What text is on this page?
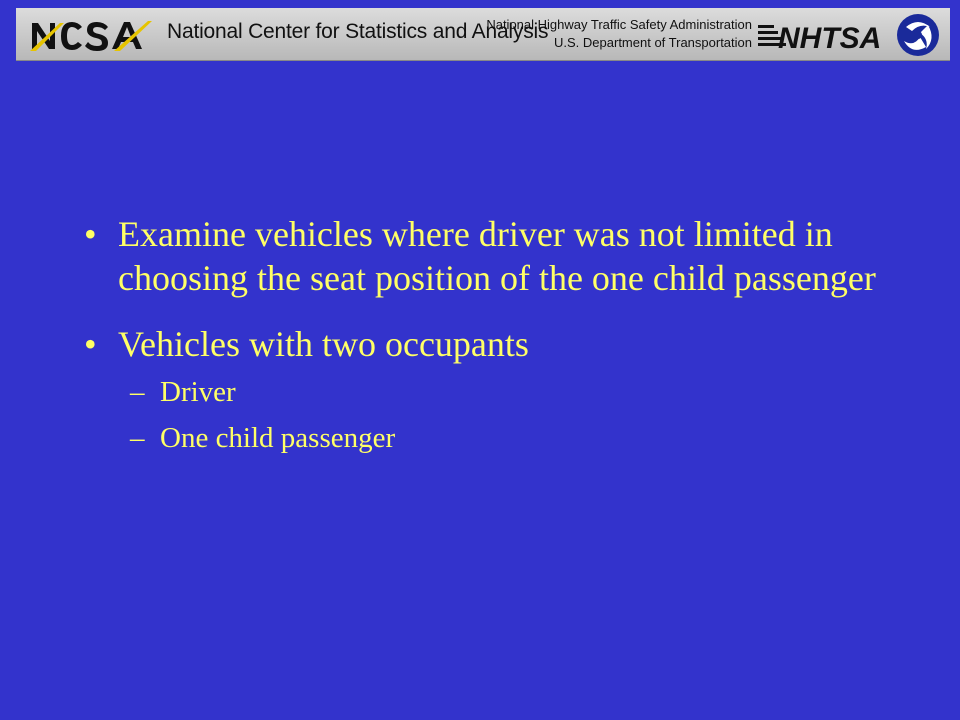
National Center for Statistics and Analysis
National Highway Traffic Safety Administration
U.S. Department of Transportation NHTSA
• Examine vehicles where driver was not limited in choosing the seat position of the one child passenger
• Vehicles with two occupants
– Driver
– One child passenger
